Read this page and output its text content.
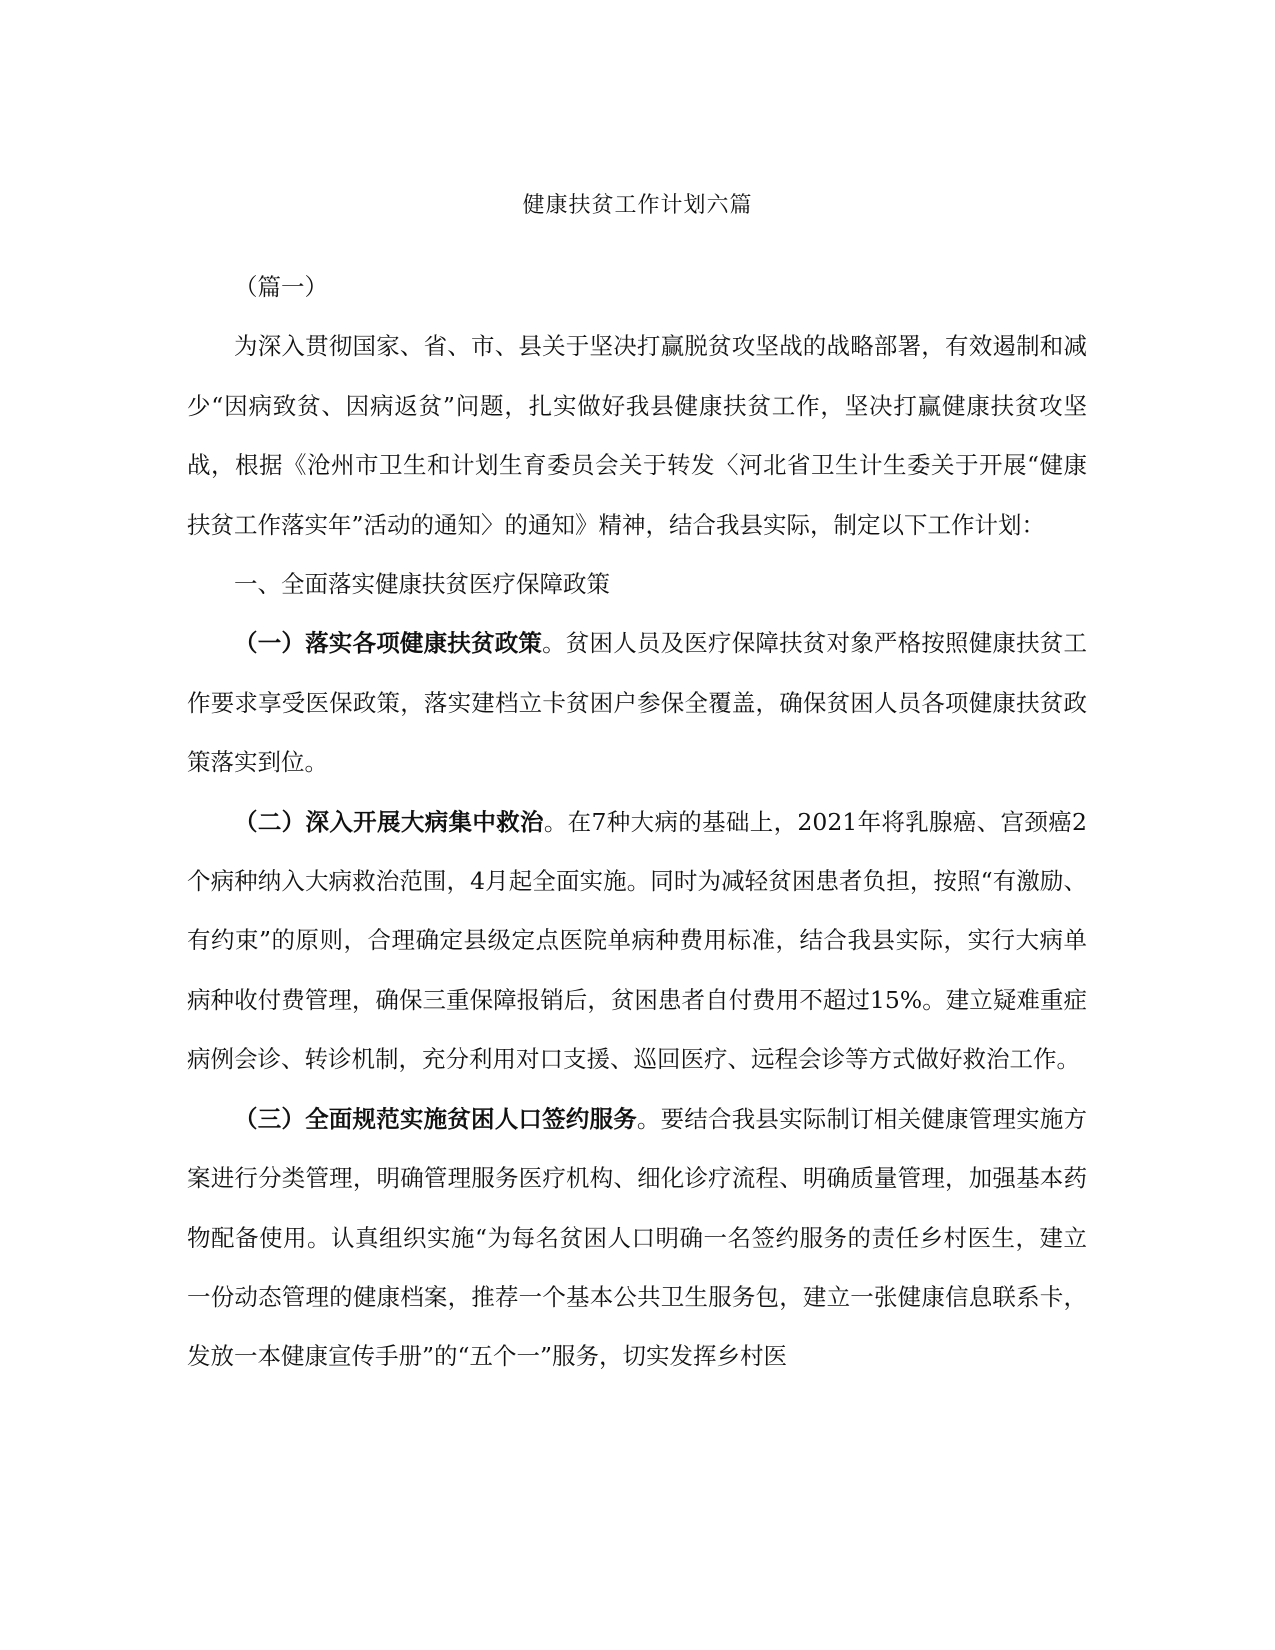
健康扶贫工作计划六篇

（篇一）

为深入贯彻国家、省、市、县关于坚决打赢脱贫攻坚战的战略部署，有效遏制和减少“因病致贫、因病返贫”问题，扎实做好我县健康扶贫工作，坚决打赢健康扶贫攻坚战，根据《沧州市卫生和计划生育委员会关于转发〈河北省卫生计生委关于开展“健康扶贫工作落实年”活动的通知〉的通知》精神，结合我县实际，制定以下工作计划：

一、全面落实健康扶贫医疗保障政策

（一）落实各项健康扶贫政策。贫困人员及医疗保障扶贫对象严格按照健康扶贫工作要求享受医保政策，落实建档立卡贫困户参保全覆盖，确保贫困人员各项健康扶贫政策落实到位。

（二）深入开展大病集中救治。在7种大病的基础上，2021年将乳腺癌、宫颈癌2个病种纳入大病救治范围，4月起全面实施。同时为减轻贫困患者负担，按照“有激励、有约束”的原则，合理确定县级定点医院单病种费用标准，结合我县实际，实行大病单病种收付费管理，确保三重保障报销后，贫困患者自付费用不超过15%。建立疑难重症病例会诊、转诊机制，充分利用对口支援、巡回医疗、远程会诊等方式做好救治工作。

（三）全面规范实施贫困人口签约服务。要结合我县实际制订相关健康管理实施方案进行分类管理，明确管理服务医疗机构、细化诊疗流程、明确质量管理，加强基本药物配备使用。认真组织实施“为每名贫困人口明确一名签约服务的责任乡村医生，建立一份动态管理的健康档案，推荐一个基本公共卫生服务包，建立一张健康信息联系卡，发放一本健康宣传手册”的“五个一”服务，切实发挥乡村医
